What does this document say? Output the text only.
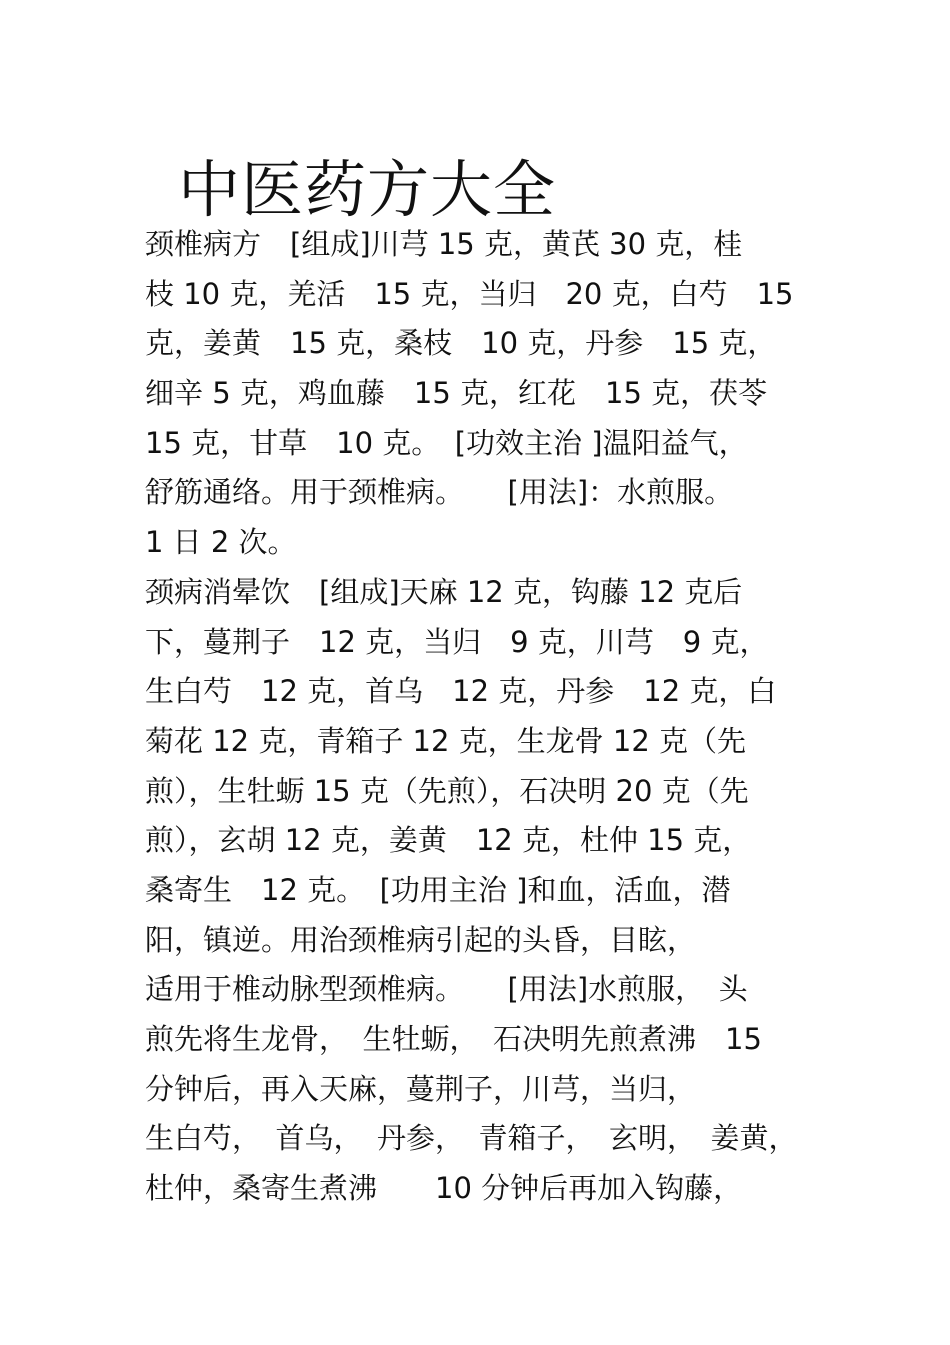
中医药方大全
颈椎病方　[组成]川芎 15 克，黄芪 30 克，桂
枝 10 克，羌活　15 克，当归　20 克，白芍　15
克，姜黄　15 克，桑枝　10 克，丹参　15 克，
细辛 5 克，鸡血藤　15 克，红花　15 克，茯苓
15 克，甘草　10 克。　[功效主治 ]温阳益气，
舒筋通络。用于颈椎病。　　[用法]：水煎服。
1 日 2 次。
颈病消晕饮　[组成]天麻 12 克，钩藤 12 克后
下，蔓荆子　12 克，当归　9 克，川芎　9 克，
生白芍　12 克，首乌　12 克，丹参　12 克，白
菊花 12 克，青箱子 12 克，生龙骨 12 克（先
煎），生牡蛎 15 克（先煎），石决明 20 克（先
煎），玄胡 12 克，姜黄　12 克，杜仲 15 克，
桑寄生　12 克。　[功用主治 ]和血，活血，潜
阳，镇逆。用治颈椎病引起的头昏，目眩，
适用于椎动脉型颈椎病。　　[用法]水煎服，　头
煎先将生龙骨，　生牡蛎，　石决明先煎煮沸　15
分钟后，再入天麻，蔓荆子，川芎，当归，
生白芍，　首乌，　丹参，　青箱子，　玄明，　姜黄，
杜仲，桑寄生煮沸　　10 分钟后再加入钩藤，
